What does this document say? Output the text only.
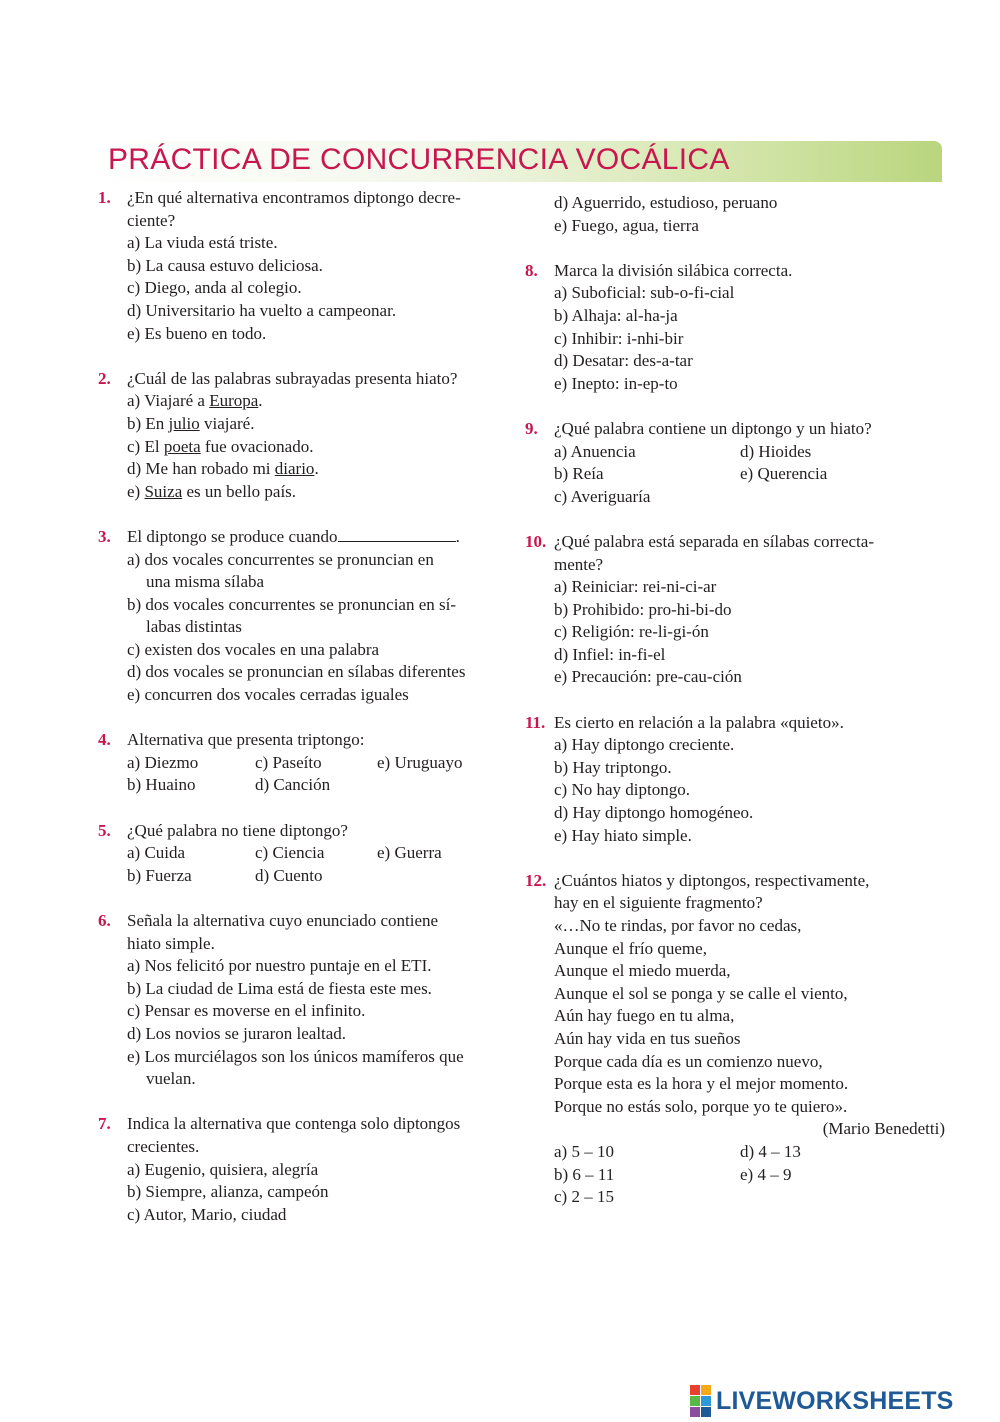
PRÁCTICA DE CONCURRENCIA VOCÁLICA
1. ¿En qué alternativa encontramos diptongo decre-
ciente?
a) La viuda está triste.
b) La causa estuvo deliciosa.
c) Diego, anda al colegio.
d) Universitario ha vuelto a campeonar.
e) Es bueno en todo.
2. ¿Cuál de las palabras subrayadas presenta hiato?
a) Viajaré a Europa.
b) En julio viajaré.
c) El poeta fue ovacionado.
d) Me han robado mi diario.
e) Suiza es un bello país.
3. El diptongo se produce cuando	.
a) dos vocales concurrentes se pronuncian en
una misma sílaba
b) dos vocales concurrentes se pronuncian en sí-
labas distintas
c) existen dos vocales en una palabra
d) dos vocales se pronuncian en sílabas diferentes
e) concurren dos vocales cerradas iguales
4. Alternativa que presenta triptongo:
a) Diezmo	c) Paseíto	e) Uruguayo
b) Huaino	d) Canción
5. ¿Qué palabra no tiene diptongo?
a) Cuida	c) Ciencia	e) Guerra
b) Fuerza	d) Cuento
6. Señala la alternativa cuyo enunciado contiene
hiato simple.
a) Nos felicitó por nuestro puntaje en el ETI.
b) La ciudad de Lima está de fiesta este mes.
c) Pensar es moverse en el infinito.
d) Los novios se juraron lealtad.
e) Los murciélagos son los únicos mamíferos que
vuelan.
7. Indica la alternativa que contenga solo diptongos
crecientes.
a) Eugenio, quisiera, alegría
b) Siempre, alianza, campeón
c) Autor, Mario, ciudad
d) Aguerrido, estudioso, peruano
e) Fuego, agua, tierra
8. Marca la división silábica correcta.
a) Suboficial: sub-o-fi-cial
b) Alhaja: al-ha-ja
c) Inhibir: i-nhi-bir
d) Desatar: des-a-tar
e) Inepto: in-ep-to
9. ¿Qué palabra contiene un diptongo y un hiato?
a) Anuencia	d) Hioides
b) Reía	e) Querencia
c) Averiguaría
10. ¿Qué palabra está separada en sílabas correcta-
mente?
a) Reiniciar: rei-ni-ci-ar
b) Prohibido: pro-hi-bi-do
c) Religión: re-li-gi-ón
d) Infiel: in-fi-el
e) Precaución: pre-cau-ción
11. Es cierto en relación a la palabra «quieto».
a) Hay diptongo creciente.
b) Hay triptongo.
c) No hay diptongo.
d) Hay diptongo homogéneo.
e) Hay hiato simple.
12. ¿Cuántos hiatos y diptongos, respectivamente,
hay en el siguiente fragmento?
«…No te rindas, por favor no cedas,
Aunque el frío queme,
Aunque el miedo muerda,
Aunque el sol se ponga y se calle el viento,
Aún hay fuego en tu alma,
Aún hay vida en tus sueños
Porque cada día es un comienzo nuevo,
Porque esta es la hora y el mejor momento.
Porque no estás solo, porque yo te quiero».
(Mario Benedetti)
a) 5 – 10	d) 4 – 13
b) 6 – 11	e) 4 – 9
c) 2 – 15
LIVEWORKSHEETS
